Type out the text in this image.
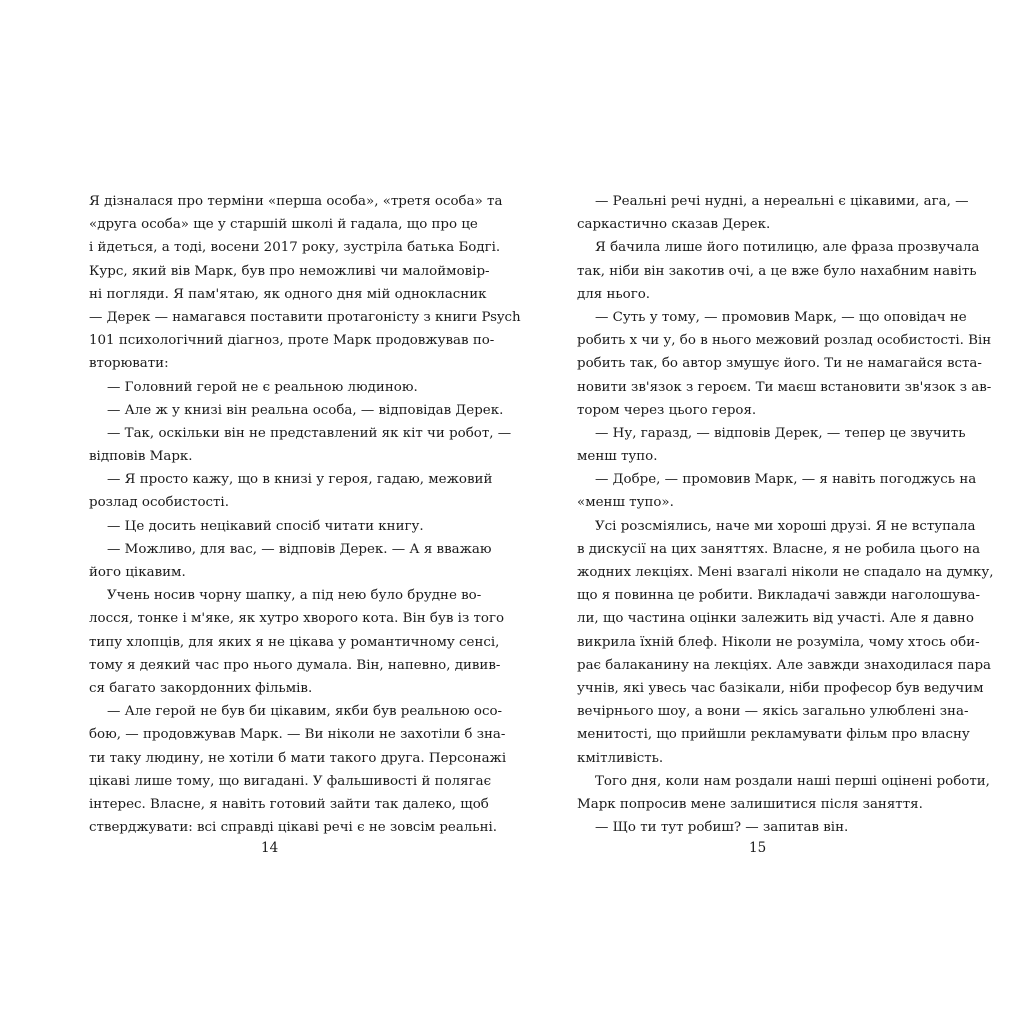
Я дізналася про терміни «перша особа», «третя особа» та
«друга особа» ще у старшій школі й гадала, що про це
і йдеться, а тоді, восени 2017 року, зустріла батька Бодгі.
Курс, який вів Марк, був про неможливі чи малоймовір-
ні погляди. Я пам'ятаю, як одного дня мій однокласник
— Дерек — намагався поставити протагоністу з книги Psych
101 психологічний діагноз, проте Марк продовжував по-
вторювати:
— Головний герой не є реальною людиною.
— Але ж у книзі він реальна особа, — відповідав Дерек.
— Так, оскільки він не представлений як кіт чи робот, —
відповів Марк.
— Я просто кажу, що в книзі у героя, гадаю, межовий
розлад особистості.
— Це досить нецікавий спосіб читати книгу.
— Можливо, для вас, — відповів Дерек. — А я вважаю
його цікавим.
Учень носив чорну шапку, а під нею було брудне во-
лосся, тонке і м'яке, як хутро хворого кота. Він був із того
типу хлопців, для яких я не цікава у романтичному сенсі,
тому я деякий час про нього думала. Він, напевно, дивив-
ся багато закордонних фільмів.
— Але герой не був би цікавим, якби був реальною осо-
бою, — продовжував Марк. — Ви ніколи не захотіли б зна-
ти таку людину, не хотіли б мати такого друга. Персонажі
цікаві лише тому, що вигадані. У фальшивості й полягає
інтерес. Власне, я навіть готовий зайти так далеко, щоб
стверджувати: всі справді цікаві речі є не зовсім реальні.
— Реальні речі нудні, а нереальні є цікавими, ага, —
саркастично сказав Дерек.
Я бачила лише його потилицю, але фраза прозвучала
так, ніби він закотив очі, а це вже було нахабним навіть
для нього.
— Суть у тому, — промовив Марк, — що оповідач не
робить х чи у, бо в нього межовий розлад особистості. Він
робить так, бо автор змушує його. Ти не намагайся вста-
новити зв'язок з героєм. Ти маєш встановити зв'язок з ав-
тором через цього героя.
— Ну, гаразд, — відповів Дерек, — тепер це звучить
менш тупо.
— Добре, — промовив Марк, — я навіть погоджусь на
«менш тупо».
Усі розсміялись, наче ми хороші друзі. Я не вступала
в дискусії на цих заняттях. Власне, я не робила цього на
жодних лекціях. Мені взагалі ніколи не спадало на думку,
що я повинна це робити. Викладачі завжди наголошува-
ли, що частина оцінки залежить від участі. Але я давно
викрила їхній блеф. Ніколи не розуміла, чому хтось оби-
рає балаканину на лекціях. Але завжди знаходилася пара
учнів, які увесь час базікали, ніби професор був ведучим
вечірнього шоу, а вони — якісь загально улюблені зна-
менитості, що прийшли рекламувати фільм про власну
кмітливість.
Того дня, коли нам роздали наші перші оцінені роботи,
Марк попросив мене залишитися після заняття.
— Що ти тут робиш? — запитав він.
14	15
